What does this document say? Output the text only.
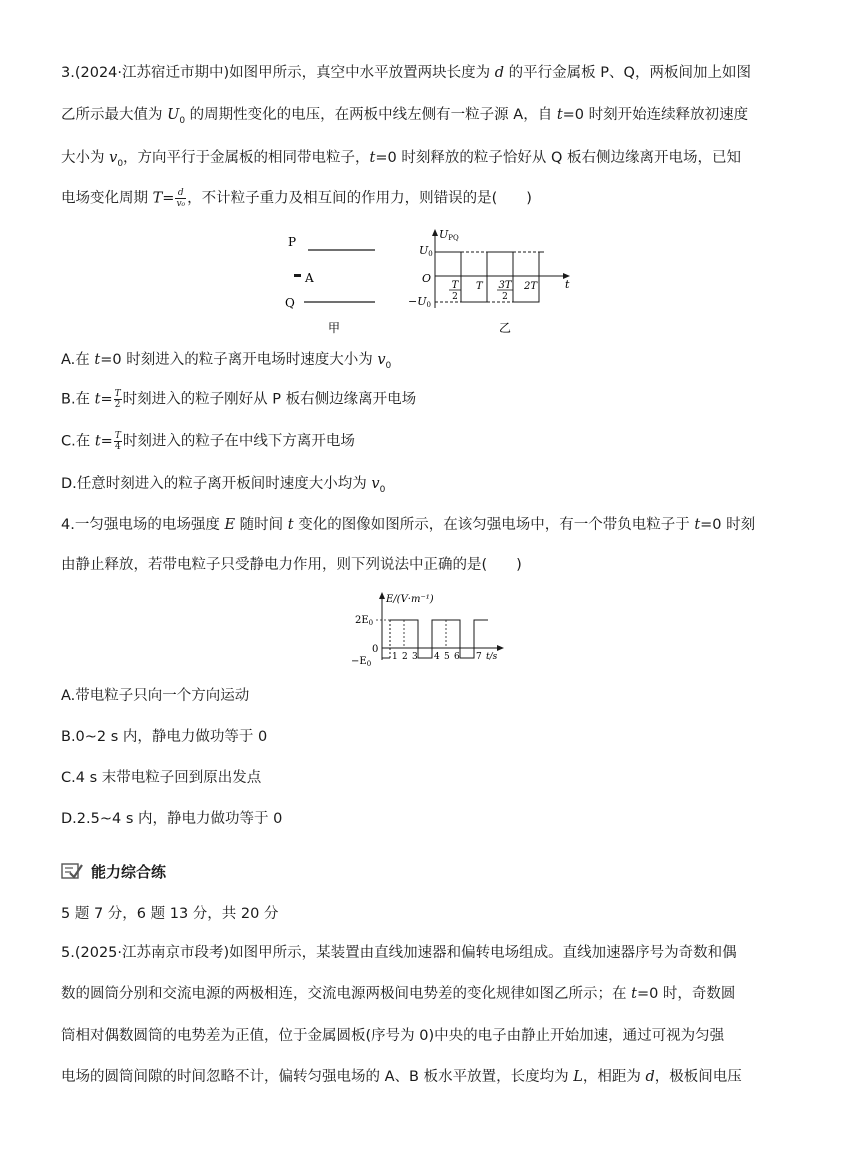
3.(2024·江苏宿迁市期中)如图甲所示，真空中水平放置两块长度为 d 的平行金属板 P、Q，两板间加上如图
乙所示最大值为 $U_0$ 的周期性变化的电压，在两板中线左侧有一粒子源 A，自 t=0 时刻开始连续释放初速度
大小为 $v_0$，方向平行于金属板的相同带电粒子，t=0 时刻释放的粒子恰好从 Q 板右侧边缘离开电场，已知
电场变化周期 $T= \frac{d}{\text{v₀}}$ ，不计粒子重力及相互间的作用力，则错误的是(　　)
P
A
Q
甲
UPQ
U0
O
−U0
T
2
T 3T
2
2T	t
乙
A.在 t=0 时刻进入的粒子离开电场时速度大小为 $v_0$
B.在 $t= \frac{T}{2}$ 时刻进入的粒子刚好从 P 板右侧边缘离开电场
C.在 $t= \frac{T}{4}$ 时刻进入的粒子在中线下方离开电场
D.任意时刻进入的粒子离开板间时速度大小均为 $v_0$
4.一匀强电场的电场强度 E 随时间 t 变化的图像如图所示，在该匀强电场中，有一个带负电粒子于 t=0 时刻
由静止释放，若带电粒子只受静电力作用，则下列说法中正确的是(　　)
E/(V·m⁻¹)
$2E_0$
0
$-E_0$
1 2 3 4 5 6 7 t/s
A.带电粒子只向一个方向运动
B.0~2 s 内，静电力做功等于 0
C.4 s 末带电粒子回到原出发点
D.2.5~4 s 内，静电力做功等于 0
能力综合练
5 题 7 分，6 题 13 分，共 20 分
5.(2025·江苏南京市段考)如图甲所示，某装置由直线加速器和偏转电场组成。直线加速器序号为奇数和偶
数的圆筒分别和交流电源的两极相连，交流电源两极间电势差的变化规律如图乙所示；在 t=0 时，奇数圆
筒相对偶数圆筒的电势差为正值，位于金属圆板(序号为 0)中央的电子由静止开始加速，通过可视为匀强
电场的圆筒间隙的时间忽略不计，偏转匀强电场的 A、B 板水平放置，长度均为 L，相距为 d，极板间电压
